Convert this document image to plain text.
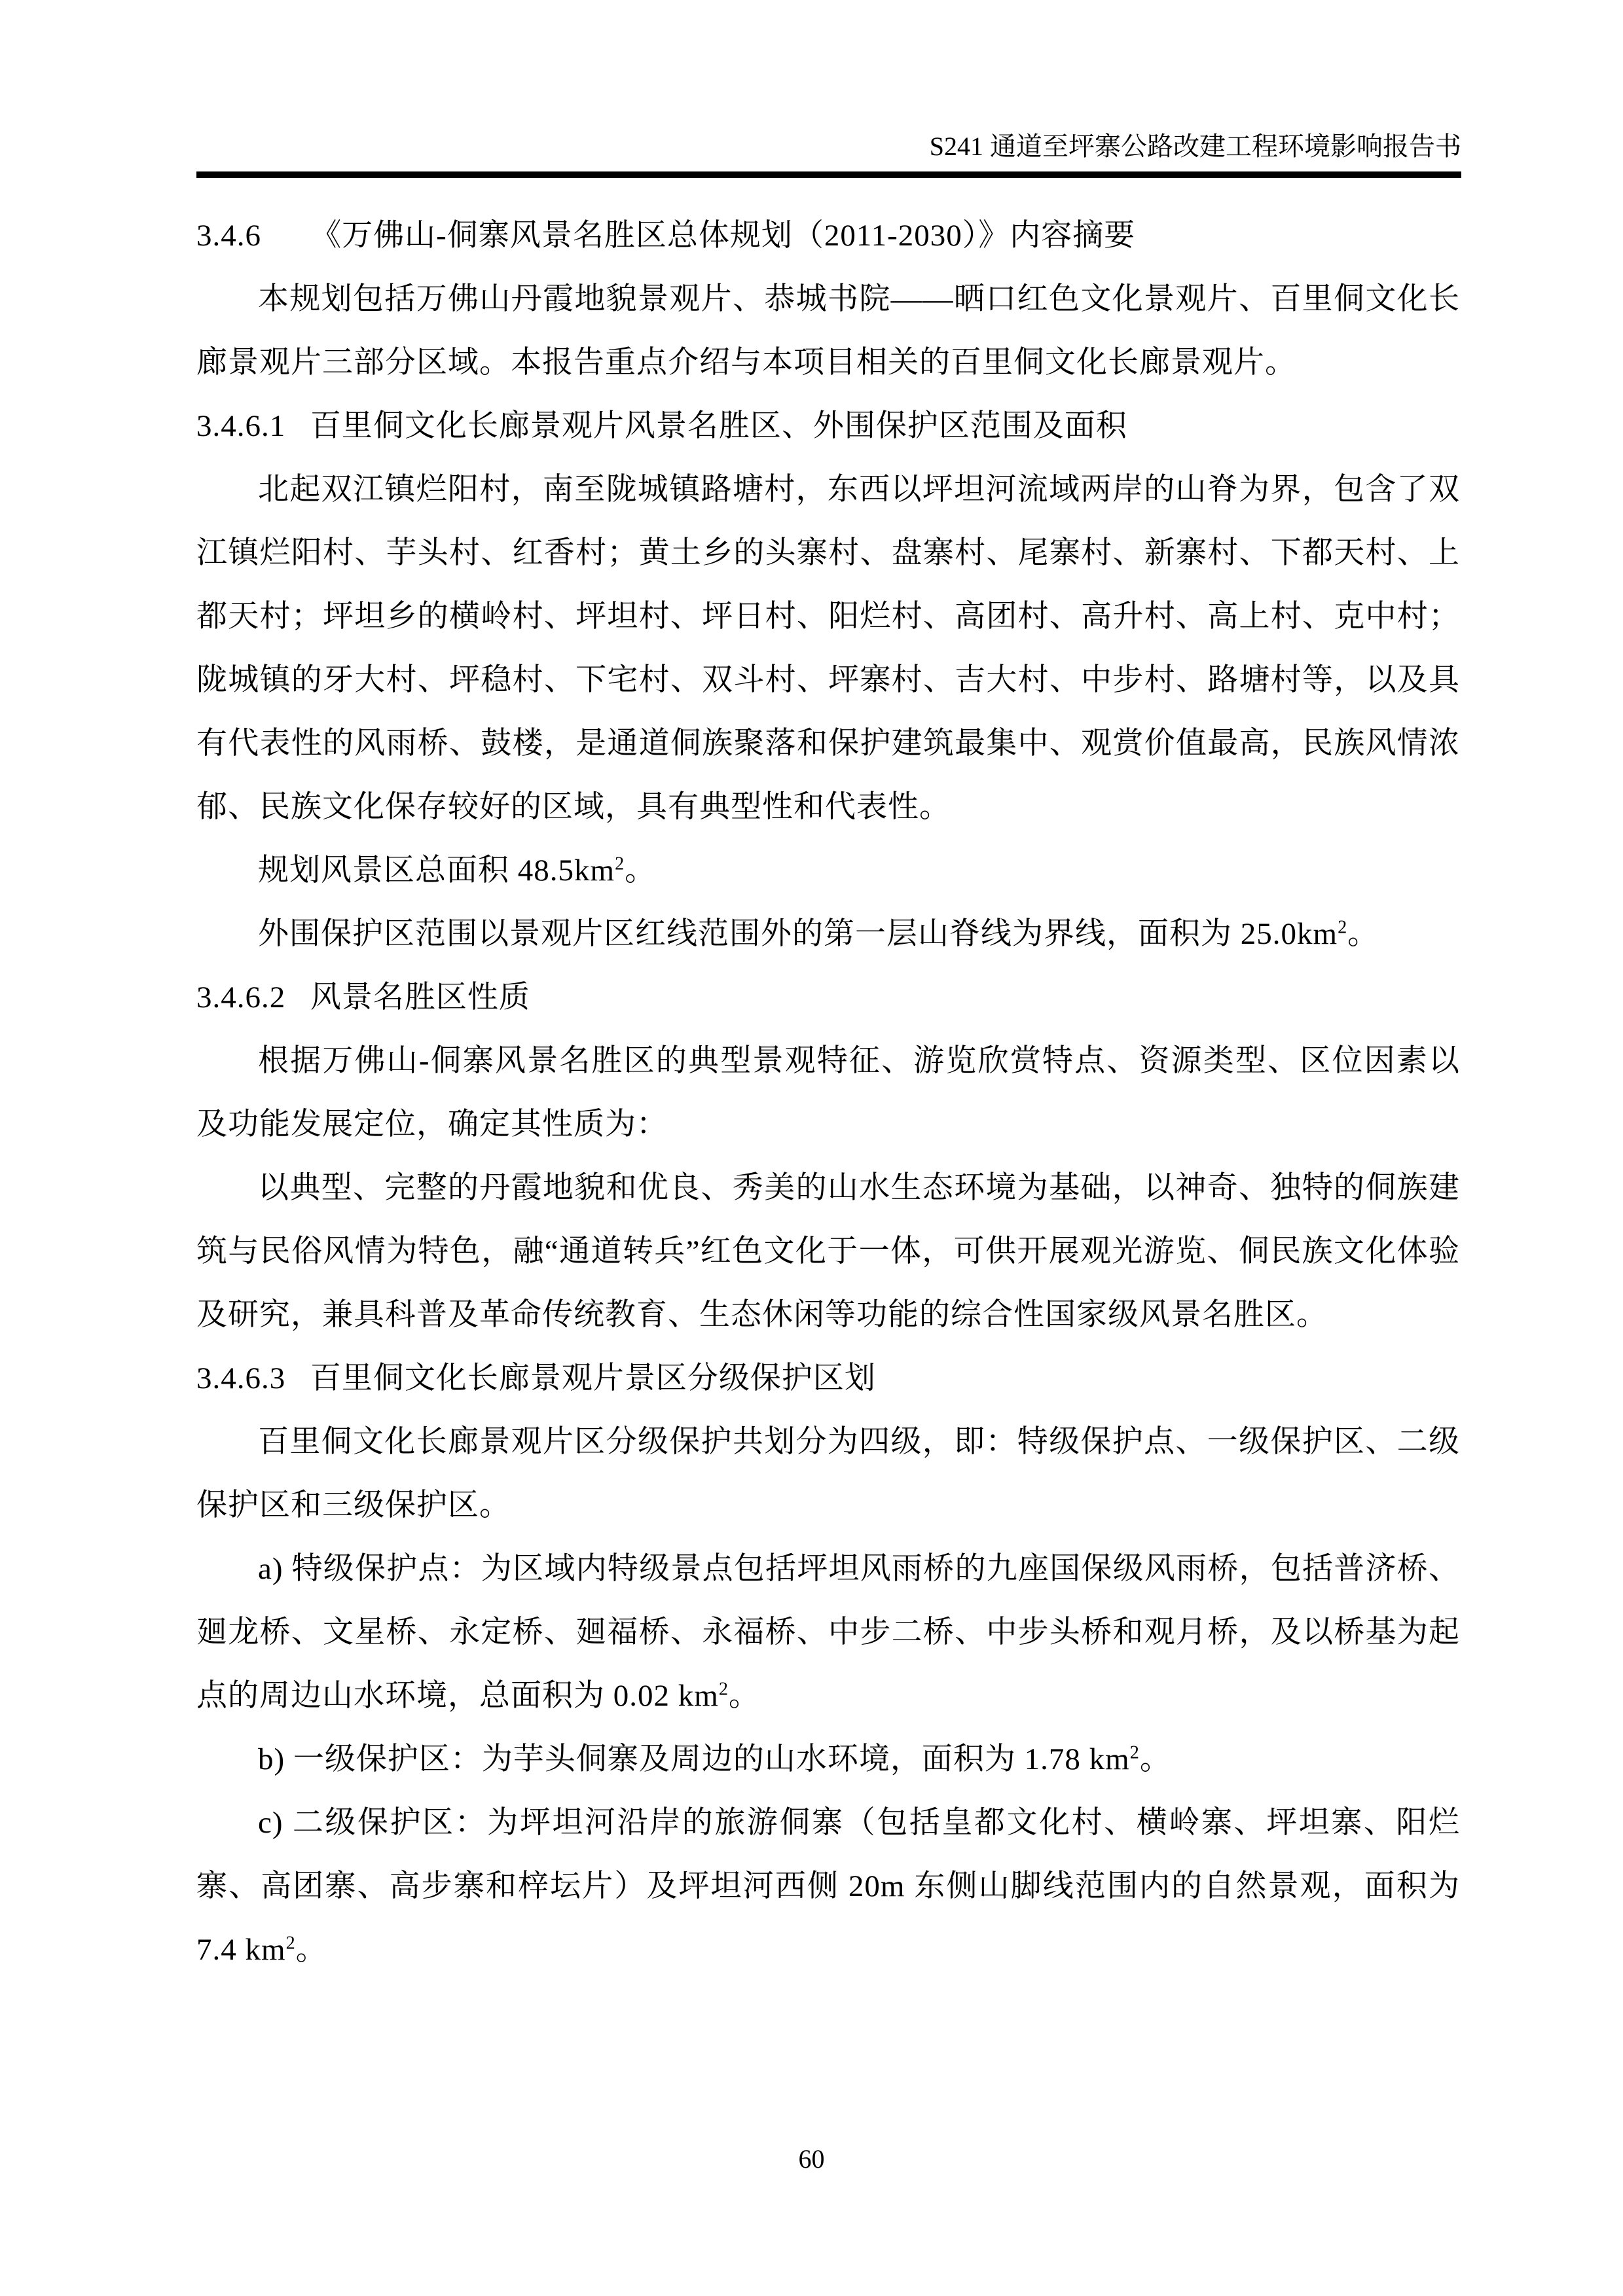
S241 通道至坪寨公路改建工程环境影响报告书
3.4.6 《万佛山-侗寨风景名胜区总体规划（2011-2030）》内容摘要
本规划包括万佛山丹霞地貌景观片、恭城书院——晒口红色文化景观片、百里侗文化长廊景观片三部分区域。本报告重点介绍与本项目相关的百里侗文化长廊景观片。
3.4.6.1 百里侗文化长廊景观片风景名胜区、外围保护区范围及面积
北起双江镇烂阳村，南至陇城镇路塘村，东西以坪坦河流域两岸的山脊为界，包含了双江镇烂阳村、芋头村、红香村；黄土乡的头寨村、盘寨村、尾寨村、新寨村、下都天村、上都天村；坪坦乡的横岭村、坪坦村、坪日村、阳烂村、高团村、高升村、高上村、克中村；陇城镇的牙大村、坪稳村、下宅村、双斗村、坪寨村、吉大村、中步村、路塘村等，以及具有代表性的风雨桥、鼓楼，是通道侗族聚落和保护建筑最集中、观赏价值最高，民族风情浓郁、民族文化保存较好的区域，具有典型性和代表性。
规划风景区总面积 $48.5km^2$。
外围保护区范围以景观片区红线范围外的第一层山脊线为界线，面积为 $25.0km^2$。
3.4.6.2 风景名胜区性质
根据万佛山-侗寨风景名胜区的典型景观特征、游览欣赏特点、资源类型、区位因素以及功能发展定位，确定其性质为：
以典型、完整的丹霞地貌和优良、秀美的山水生态环境为基础，以神奇、独特的侗族建筑与民俗风情为特色，融“通道转兵”红色文化于一体，可供开展观光游览、侗民族文化体验及研究，兼具科普及革命传统教育、生态休闲等功能的综合性国家级风景名胜区。
3.4.6.3 百里侗文化长廊景观片景区分级保护区划
百里侗文化长廊景观片区分级保护共划分为四级，即：特级保护点、一级保护区、二级保护区和三级保护区。
a) 特级保护点：为区域内特级景点包括坪坦风雨桥的九座国保级风雨桥，包括普济桥、廻龙桥、文星桥、永定桥、廻福桥、永福桥、中步二桥、中步头桥和观月桥，及以桥基为起点的周边山水环境，总面积为 0.02 $km^2$。
b) 一级保护区：为芋头侗寨及周边的山水环境，面积为 1.78 $km^2$。
c) 二级保护区：为坪坦河沿岸的旅游侗寨（包括皇都文化村、横岭寨、坪坦寨、阳烂寨、高团寨、高步寨和梓坛片）及坪坦河西侧 20m 东侧山脚线范围内的自然景观，面积为 7.4 $km^2$。
60
